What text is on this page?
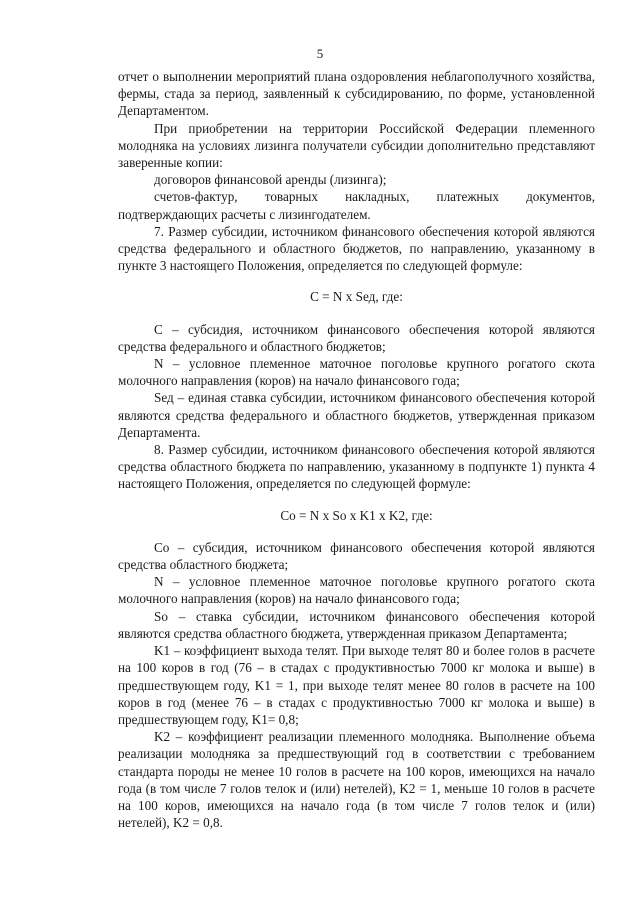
5

отчет о выполнении мероприятий плана оздоровления неблагополучного хозяйства, фермы, стада за период, заявленный к субсидированию, по форме, установленной Департаментом.

При приобретении на территории Российской Федерации племенного молодняка на условиях лизинга получатели субсидии дополнительно представляют заверенные копии:

договоров финансовой аренды (лизинга);

счетов-фактур, товарных накладных, платежных документов,

подтверждающих расчеты с лизингодателем.

7. Размер субсидии, источником финансового обеспечения которой являются средства федерального и областного бюджетов, по направлению, указанному в пункте 3 настоящего Положения, определяется по следующей формуле:

C = N x Sед, где:

C – субсидия, источником финансового обеспечения которой являются средства федерального и областного бюджетов;

N – условное племенное маточное поголовье крупного рогатого скота молочного направления (коров) на начало финансового года;

Sед – единая ставка субсидии, источником финансового обеспечения которой являются средства федерального и областного бюджетов, утвержденная приказом Департамента.

8. Размер субсидии, источником финансового обеспечения которой являются средства областного бюджета по направлению, указанному в подпункте 1) пункта 4 настоящего Положения, определяется по следующей формуле:

Co = N x So x K1 x K2, где:

Co – субсидия, источником финансового обеспечения которой являются средства областного бюджета;

N – условное племенное маточное поголовье крупного рогатого скота молочного направления (коров) на начало финансового года;

So – ставка субсидии, источником финансового обеспечения которой являются средства областного бюджета, утвержденная приказом Департамента;

K1 – коэффициент выхода телят. При выходе телят 80 и более голов в расчете на 100 коров в год (76 – в стадах с продуктивностью 7000 кг молока и выше) в предшествующем году, K1 = 1, при выходе телят менее 80 голов в расчете на 100 коров в год (менее 76 – в стадах с продуктивностью 7000 кг молока и выше) в предшествующем году, K1= 0,8;

K2 – коэффициент реализации племенного молодняка. Выполнение объема реализации молодняка за предшествующий год в соответствии с требованием стандарта породы не менее 10 голов в расчете на 100 коров, имеющихся на начало года (в том числе 7 голов телок и (или) нетелей), K2 = 1, меньше 10 голов в расчете на 100 коров, имеющихся на начало года (в том числе 7 голов телок и (или) нетелей), K2 = 0,8.
